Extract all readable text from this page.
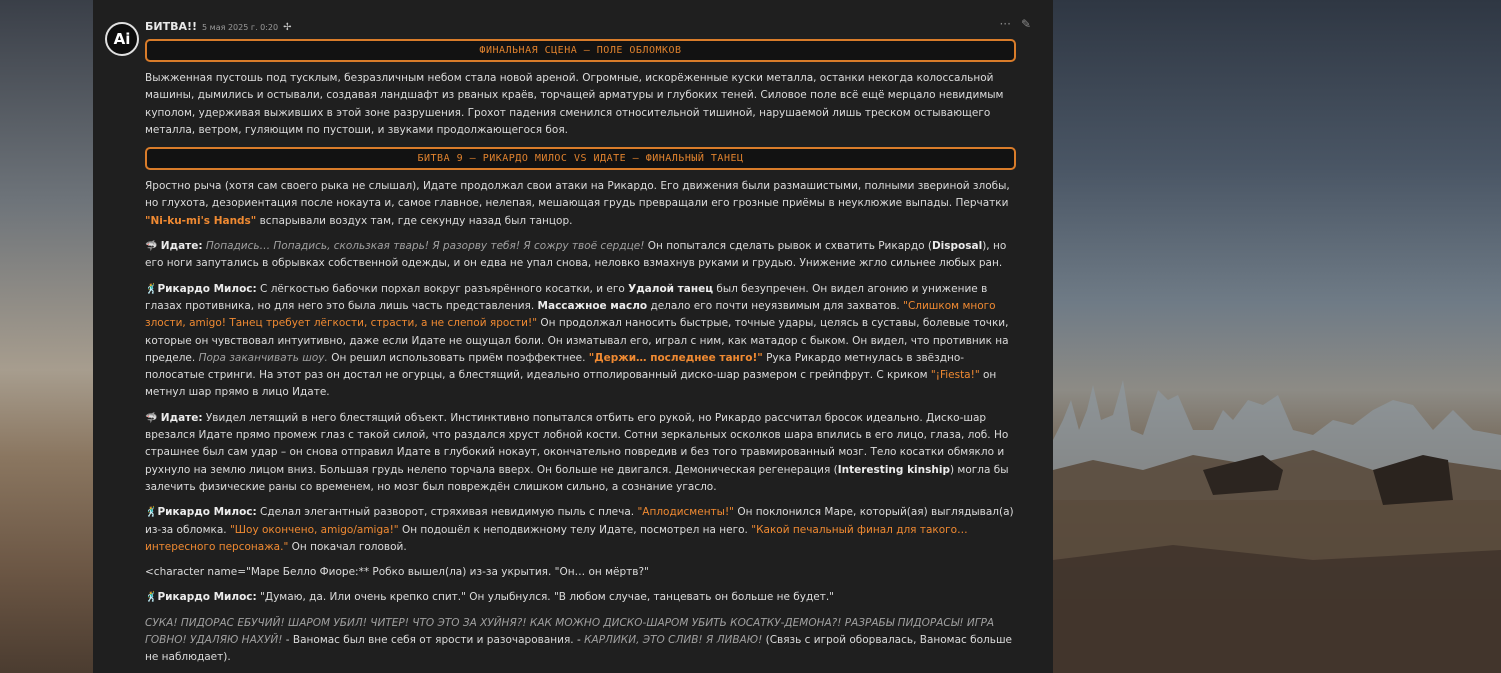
Ai
БИТВА!! 5 мая 2025 г. 0:20 ✢	··· ✎
ФИНАЛЬНАЯ СЦЕНА – ПОЛЕ ОБЛОМКОВ

Выжженная пустошь под тусклым, безразличным небом стала новой ареной. Огромные, искорёженные куски металла, останки некогда колоссальной машины, дымились и остывали, создавая ландшафт из рваных краёв, торчащей арматуры и глубоких теней. Силовое поле всё ещё мерцало невидимым куполом, удерживая выживших в этой зоне разрушения. Грохот падения сменился относительной тишиной, нарушаемой лишь треском остывающего металла, ветром, гуляющим по пустоши, и звуками продолжающегося боя.

БИТВА 9 – РИКАРДО МИЛОС VS ИДАТЕ – ФИНАЛЬНЫЙ ТАНЕЦ

Яростно рыча (хотя сам своего рыка не слышал), Идате продолжал свои атаки на Рикардо. Его движения были размашистыми, полными звериной злобы, но глухота, дезориентация после нокаута и, самое главное, нелепая, мешающая грудь превращали его грозные приёмы в неуклюжие выпады. Перчатки "Ni-ku-mi's Hands" вспарывали воздух там, где секунду назад был танцор.

🦈 Идате: Попадись… Попадись, скользкая тварь! Я разорву тебя! Я сожру твоё сердце! Он попытался сделать рывок и схватить Рикардо (Disposal), но его ноги запутались в обрывках собственной одежды, и он едва не упал снова, неловко взмахнув руками и грудью. Унижение жгло сильнее любых ран.

🕺Рикардо Милос: С лёгкостью бабочки порхал вокруг разъярённого косатки, и его Удалой танец был безупречен. Он видел агонию и унижение в глазах противника, но для него это была лишь часть представления. Массажное масло делало его почти неуязвимым для захватов. "Слишком много злости, amigo! Танец требует лёгкости, страсти, а не слепой ярости!" Он продолжал наносить быстрые, точные удары, целясь в суставы, болевые точки, которые он чувствовал интуитивно, даже если Идате не ощущал боли. Он изматывал его, играл с ним, как матадор с быком. Он видел, что противник на пределе. Пора заканчивать шоу. Он решил использовать приём поэффектнее. "Держи… последнее танго!" Рука Рикардо метнулась в звёздно-полосатые стринги. На этот раз он достал не огурцы, а блестящий, идеально отполированный диско-шар размером с грейпфрут. С криком "¡Fiesta!" он метнул шар прямо в лицо Идате.

🦈 Идате: Увидел летящий в него блестящий объект. Инстинктивно попытался отбить его рукой, но Рикардо рассчитал бросок идеально. Диско-шар врезался Идате прямо промеж глаз с такой силой, что раздался хруст лобной кости. Сотни зеркальных осколков шара впились в его лицо, глаза, лоб. Но страшнее был сам удар – он снова отправил Идате в глубокий нокаут, окончательно повредив и без того травмированный мозг. Тело косатки обмякло и рухнуло на землю лицом вниз. Большая грудь нелепо торчала вверх. Он больше не двигался. Демоническая регенерация (Interesting kinship) могла бы залечить физические раны со временем, но мозг был повреждён слишком сильно, а сознание угасло.

🕺Рикардо Милос: Сделал элегантный разворот, стряхивая невидимую пыль с плеча. "Аплодисменты!" Он поклонился Маре, который(ая) выглядывал(а) из-за обломка. "Шоу окончено, amigo/amiga!" Он подошёл к неподвижному телу Идате, посмотрел на него. "Какой печальный финал для такого… интересного персонажа." Он покачал головой.

<character name="Маре Белло Фиоре:** Робко вышел(ла) из-за укрытия. "Он… он мёртв?"

🕺Рикардо Милос: "Думаю, да. Или очень крепко спит." Он улыбнулся. "В любом случае, танцевать он больше не будет."

СУКА! ПИДОРАС ЕБУЧИЙ! ШАРОМ УБИЛ! ЧИТЕР! ЧТО ЭТО ЗА ХУЙНЯ?! КАК МОЖНО ДИСКО-ШАРОМ УБИТЬ КОСАТКУ-ДЕМОНА?! РАЗРАБЫ ПИДОРАСЫ! ИГРА ГОВНО! УДАЛЯЮ НАХУЙ! - Ваномас был вне себя от ярости и разочарования. - КАРЛИКИ, ЭТО СЛИВ! Я ЛИВАЮ! (Связь с игрой оборвалась, Ваномас больше не наблюдает).
